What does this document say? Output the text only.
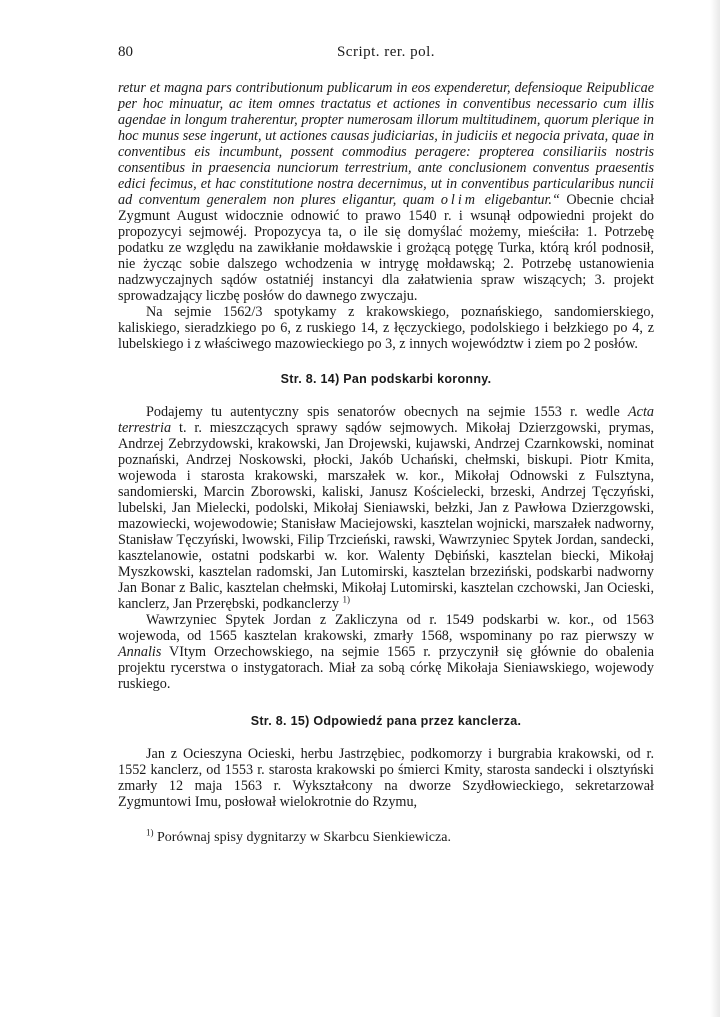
80	Script. rer. pol.

retur et magna pars contributionum publicarum in eos expenderetur, defensioque Reipublicae per hoc minuatur, ac item omnes tractatus et actiones in conventibus necessario cum illis agendae in longum traherentur, propter numerosam illorum multitudinem, quorum plerique in hoc munus sese ingerunt, ut actiones causas judiciarias, in judiciis et negocia privata, quae in conventibus eis incumbunt, possent commodius peragere: propterea consiliariis nostris consentibus in praesencia nunciorum terrestrium, ante conclusionem conventus praesentis edici fecimus, et hac constitutione nostra decernimus, ut in conventibus particularibus nuncii ad conventum generalem non plures eligantur, quam olim eligebantur.“ Obecnie chciał Zygmunt August widocznie odnowić to prawo 1540 r. i wsunął odpowiedni projekt do propozycyi sejmowéj. Propozycya ta, o ile się domyślać możemy, mieściła: 1. Potrzebę podatku ze względu na zawikłanie mołdawskie i grożącą potęgę Turka, którą król podnosił, nie życząc sobie dalszego wchodzenia w intrygę mołdawską; 2. Potrzebę ustanowienia nadzwyczajnych sądów ostatniéj instancyi dla załatwienia spraw wiszących; 3. projekt sprowadzający liczbę posłów do dawnego zwyczaju.

Na sejmie 1562/3 spotykamy z krakowskiego, poznańskiego, sandomierskiego, kaliskiego, sieradzkiego po 6, z ruskiego 14, z łęczyckiego, podolskiego i bełzkiego po 4, z lubelskiego i z właściwego mazowieckiego po 3, z innych województw i ziem po 2 posłów.

Str. 8. 14) Pan podskarbi koronny.

Podajemy tu autentyczny spis senatorów obecnych na sejmie 1553 r. wedle Acta terrestria t. r. mieszczących sprawy sądów sejmowych. Mikołaj Dzierzgowski, prymas, Andrzej Zebrzydowski, krakowski, Jan Drojewski, kujawski, Andrzej Czarnkowski, nominat poznański, Andrzej Noskowski, płocki, Jakób Uchański, chełmski, biskupi. Piotr Kmita, wojewoda i starosta krakowski, marszałek w. kor., Mikołaj Odnowski z Fulsztyna, sandomierski, Marcin Zborowski, kaliski, Janusz Kościelecki, brzeski, Andrzej Tęczyński, lubelski, Jan Mielecki, podolski, Mikołaj Sieniawski, bełzki, Jan z Pawłowa Dzierzgowski, mazowiecki, wojewodowie; Stanisław Maciejowski, kasztelan wojnicki, marszałek nadworny, Stanisław Tęczyński, lwowski, Filip Trzcieński, rawski, Wawrzyniec Spytek Jordan, sandecki, kasztelanowie, ostatni podskarbi w. kor. Walenty Dębiński, kasztelan biecki, Mikołaj Myszkowski, kasztelan radomski, Jan Lutomirski, kasztelan brzeziński, podskarbi nadworny Jan Bonar z Balic, kasztelan chełmski, Mikołaj Lutomirski, kasztelan czchowski, Jan Ocieski, kanclerz, Jan Przerębski, podkanclerzy $^{1)}$

Wawrzyniec Spytek Jordan z Zakliczyna od r. 1549 podskarbi w. kor., od 1563 wojewoda, od 1565 kasztelan krakowski, zmarły 1568, wspominany po raz pierwszy w Annalis VItym Orzechowskiego, na sejmie 1565 r. przyczynił się głównie do obalenia projektu rycerstwa o instygatorach. Miał za sobą córkę Mikołaja Sieniawskiego, wojewody ruskiego.

Str. 8. 15) Odpowiedź pana przez kanclerza.

Jan z Ocieszyna Ocieski, herbu Jastrzębiec, podkomorzy i burgrabia krakowski, od r. 1552 kanclerz, od 1553 r. starosta krakowski po śmierci Kmity, starosta sandecki i olsztyński zmarły 12 maja 1563 r. Wykształcony na dworze Szydłowieckiego, sekretarzował Zygmuntowi Imu, posłował wielokrotnie do Rzymu,

$^{1)}$ Porównaj spisy dygnitarzy w Skarbcu Sienkiewicza.
